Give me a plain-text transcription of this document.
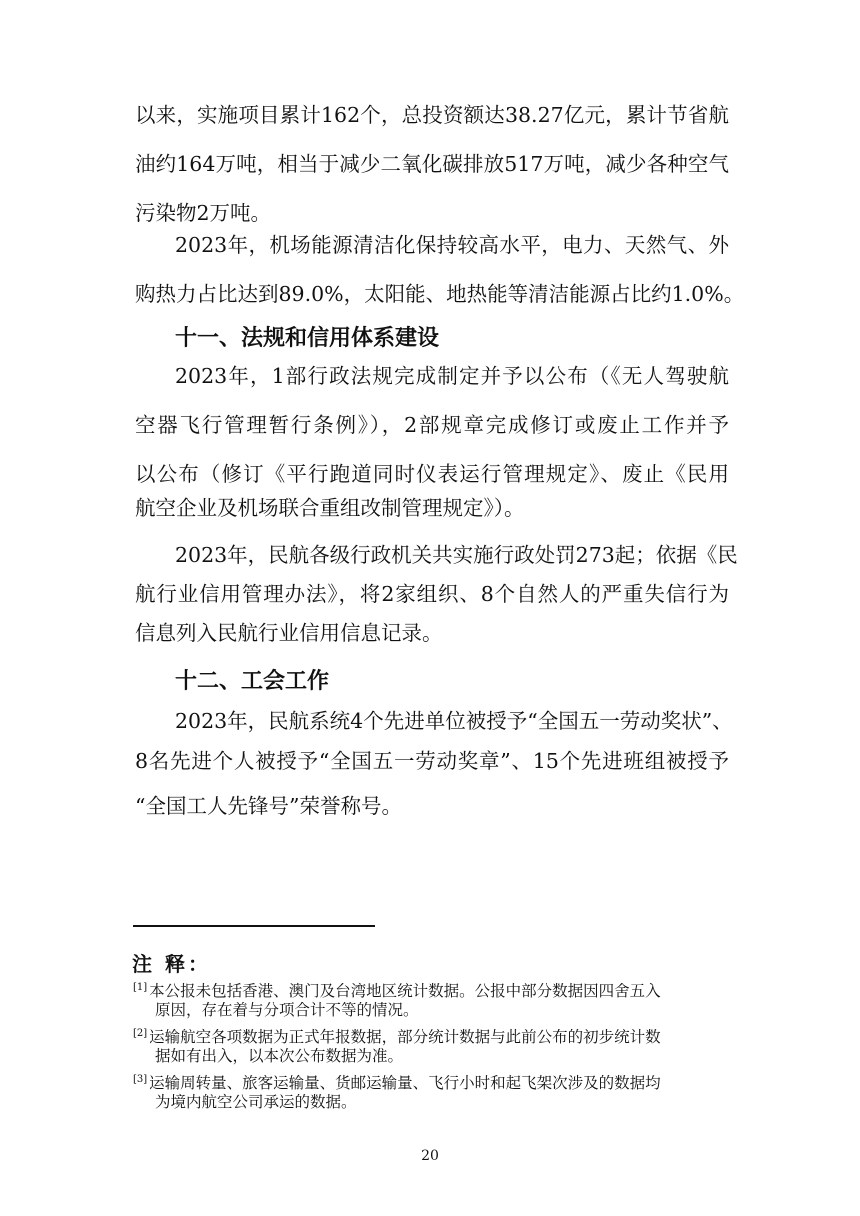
以来，实施项目累计162个，总投资额达38.27亿元，累计节省航
油约164万吨，相当于减少二氧化碳排放517万吨，减少各种空气
污染物2万吨。
2023年，机场能源清洁化保持较高水平，电力、天然气、外
购热力占比达到89.0%，太阳能、地热能等清洁能源占比约1.0%。
十一、法规和信用体系建设
2023年，1部行政法规完成制定并予以公布（《无人驾驶航
空器飞行管理暂行条例》），2部规章完成修订或废止工作并予
以公布（修订《平行跑道同时仪表运行管理规定》、废止《民用
航空企业及机场联合重组改制管理规定》）。
2023年，民航各级行政机关共实施行政处罚273起；依据《民
航行业信用管理办法》，将2家组织、8个自然人的严重失信行为
信息列入民航行业信用信息记录。
十二、工会工作
2023年，民航系统4个先进单位被授予“全国五一劳动奖状”、
8名先进个人被授予“全国五一劳动奖章”、15个先进班组被授予
“全国工人先锋号”荣誉称号。
注 释：
[1] 本公报未包括香港、澳门及台湾地区统计数据。公报中部分数据因四舍五入
原因，存在着与分项合计不等的情况。
[2] 运输航空各项数据为正式年报数据，部分统计数据与此前公布的初步统计数
据如有出入，以本次公布数据为准。
[3] 运输周转量、旅客运输量、货邮运输量、飞行小时和起飞架次涉及的数据均
为境内航空公司承运的数据。
20
